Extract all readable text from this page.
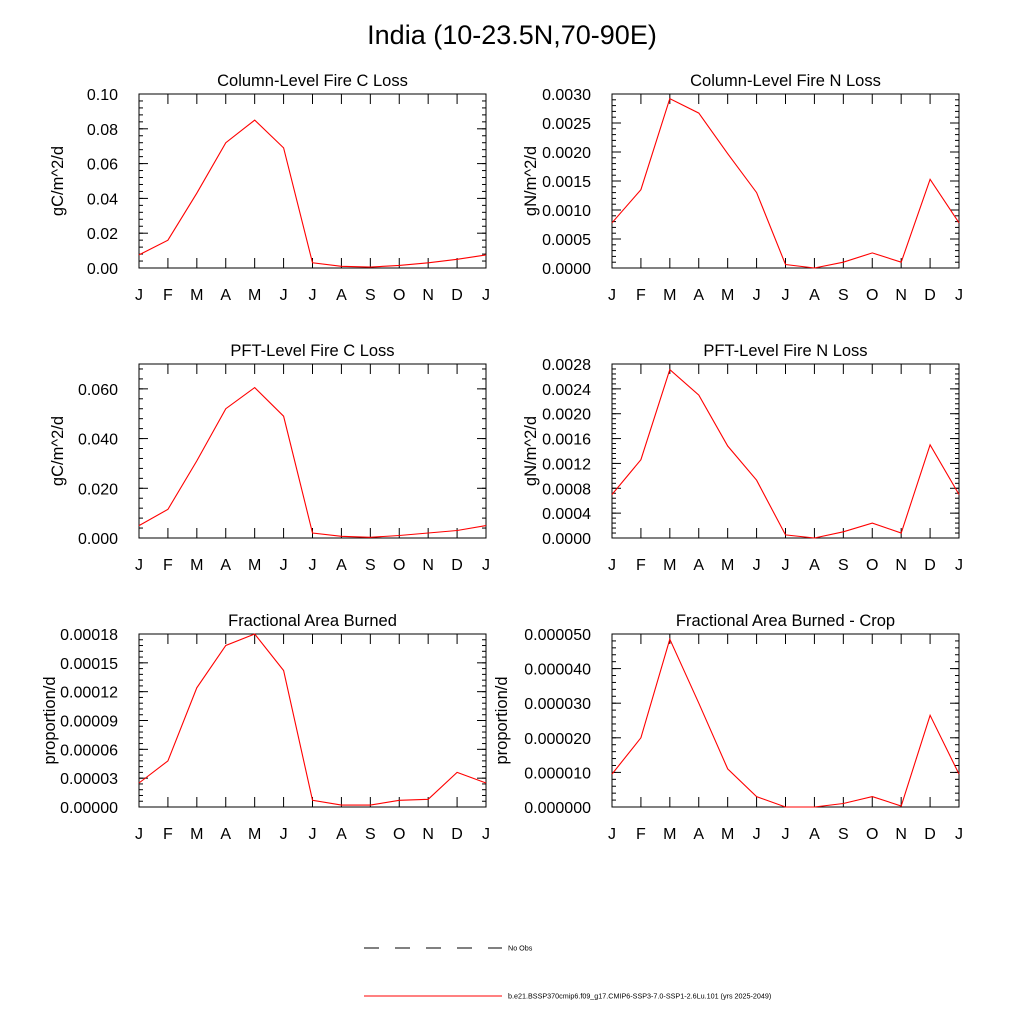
India (10-23.5N,70-90E)
Column-Level Fire C Loss
gC/m^2/d
J F M A M J J A S O N D J
0.00
0.02
0.04
0.06
0.08
0.10
Column-Level Fire N Loss
gN/m^2/d
J F M A M J J A S O N D J
0.0000
0.0005
0.0010
0.0015
0.0020
0.0025
0.0030
PFT-Level Fire C Loss
gC/m^2/d
J F M A M J J A S O N D J
0.000
0.020
0.040
0.060
PFT-Level Fire N Loss
gN/m^2/d
J F M A M J J A S O N D J
0.0000
0.0004
0.0008
0.0012
0.0016
0.0020
0.0024
0.0028
Fractional Area Burned
proportion/d
J F M A M J J A S O N D J
0.00000
0.00003
0.00006
0.00009
0.00012
0.00015
0.00018
Fractional Area Burned - Crop
proportion/d
J F M A M J J A S O N D J
0.000000
0.000010
0.000020
0.000030
0.000040
0.000050
No Obs
b.e21.BSSP370cmip6.f09_g17.CMIP6-SSP3-7.0-SSP1-2.6Lu.101 (yrs 2025-2049)
